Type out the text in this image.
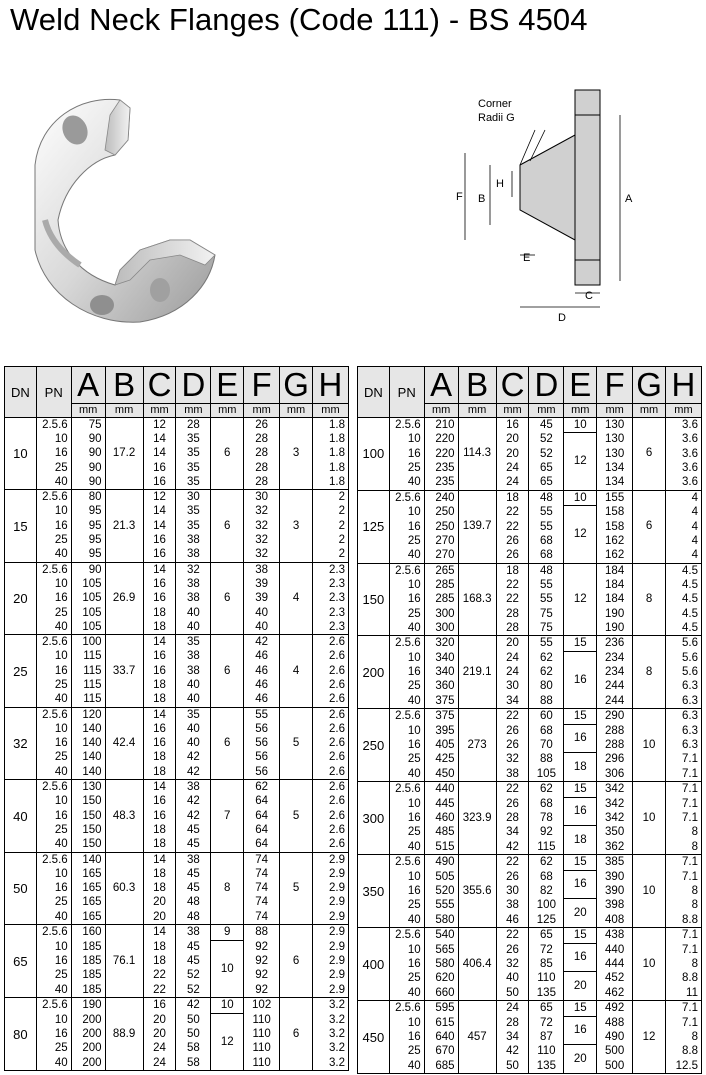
Weld Neck Flanges (Code 111) - BS 4504
Corner
Radii G
F B
H
A
E
C
D
DN	PN	A	B	C	D	E	F	G	H
		mm	mm	mm	mm	mm	mm	mm	mm
10	2.5.6	75	17.2	12	28	6	26	3	1.8
	10	90		14	35		28		1.8
	16	90		14	35		28		1.8
	25	90		16	35		28		1.8
	40	90		16	35		28		1.8
15	2.5.6	80	21.3	12	30	6	30	3	2
	10	95		14	35		32		2
	16	95		14	35		32		2
	25	95		16	38		32		2
	40	95		16	38		32		2
20	2.5.6	90	26.9	14	32	6	38	4	2.3
	10	105		16	38		39		2.3
	16	105		16	38		39		2.3
	25	105		18	40		40		2.3
	40	105		18	40		40		2.3
25	2.5.6	100	33.7	14	35	6	42	4	2.6
	10	115		16	38		46		2.6
	16	115		16	38		46		2.6
	25	115		18	40		46		2.6
	40	115		18	40		46		2.6
32	2.5.6	120	42.4	14	35	6	55	5	2.6
	10	140		16	40		56		2.6
	16	140		16	40		56		2.6
	25	140		18	42		56		2.6
	40	140		18	42		56		2.6
40	2.5.6	130	48.3	14	38	7	62	5	2.6
	10	150		16	42		64		2.6
	16	150		16	42		64		2.6
	25	150		18	45		64		2.6
	40	150		18	45		64		2.6
50	2.5.6	140	60.3	14	38	8	74	5	2.9
	10	165		18	45		74		2.9
	16	165		18	45		74		2.9
	25	165		20	48		74		2.9
	40	165		20	48		74		2.9
65	2.5.6	160	76.1	14	38	9	88	6	2.9
	10	185		18	45	10	92		2.9
	16	185		18	45		92		2.9
	25	185		22	52		92		2.9
	40	185		22	52		92		2.9
80	2.5.6	190	88.9	16	42	10	102	6	3.2
	10	200		20	50	12	110		3.2
	16	200		20	50		110		3.2
	25	200		24	58		110		3.2
	40	200		24	58		110		3.2
DN	PN	A	B	C	D	E	F	G	H
		mm	mm	mm	mm	mm	mm	mm	mm
100	2.5.6	210	114.3	16	45	10	130	6	3.6
	10	220		20	52	12	130		3.6
	16	220		20	52		130		3.6
	25	235		24	65		134		3.6
	40	235		24	65		134		3.6
125	2.5.6	240	139.7	18	48	10	155	6	4
	10	250		22	55	12	158		4
	16	250		22	55		158		4
	25	270		26	68		162		4
	40	270		26	68		162		4
150	2.5.6	265	168.3	18	48	12	184	8	4.5
	10	285		22	55		184		4.5
	16	285		22	55		184		4.5
	25	300		28	75		190		4.5
	40	300		28	75		190		4.5
200	2.5.6	320	219.1	20	55	15	236	8	5.6
	10	340		24	62	16	234		5.6
	16	340		24	62		234		5.6
	25	360		30	80		244		6.3
	40	375		34	88		244		6.3
250	2.5.6	375	273	22	60	15	290	10	6.3
	10	395		26	68	16	288		6.3
	16	405		26	70		288		6.3
	25	425		32	88	18	296		7.1
	40	450		38	105		306		7.1
300	2.5.6	440	323.9	22	62	15	342	10	7.1
	10	445		26	68	16	342		7.1
	16	460		28	78		342		7.1
	25	485		34	92	18	350		8
	40	515		42	115		362		8
350	2.5.6	490	355.6	22	62	15	385	10	7.1
	10	505		26	68	16	390		7.1
	16	520		30	82		390		8
	25	555		38	100	20	398		8
	40	580		46	125		408		8.8
400	2.5.6	540	406.4	22	65	15	438	10	7.1
	10	565		26	72	16	440		7.1
	16	580		32	85		444		8
	25	620		40	110	20	452		8.8
	40	660		50	135		462		11
450	2.5.6	595	457	24	65	15	492	12	7.1
	10	615		28	72	16	488		7.1
	16	640		34	87		490		8
	25	670		42	110	20	500		8.8
	40	685		50	135		500		12.5
